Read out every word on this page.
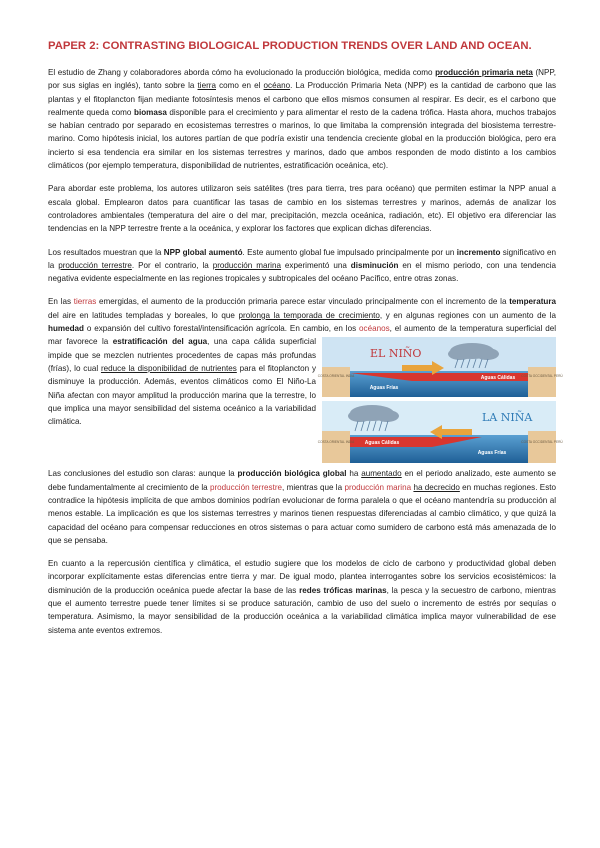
PAPER 2: CONTRASTING BIOLOGICAL PRODUCTION TRENDS OVER LAND AND OCEAN.

El estudio de Zhang y colaboradores aborda cómo ha evolucionado la producción biológica, medida como producción primaria neta (NPP, por sus siglas en inglés), tanto sobre la tierra como en el océano. La Producción Primaria Neta (NPP) es la cantidad de carbono que las plantas y el fitoplancton fijan mediante fotosíntesis menos el carbono que ellos mismos consumen al respirar. Es decir, es el carbono que realmente queda como biomasa disponible para el crecimiento y para alimentar el resto de la cadena trófica. Hasta ahora, muchos trabajos se habían centrado por separado en ecosistemas terrestres o marinos, lo que limitaba la comprensión integrada del biosistema terrestre-marino. Como hipótesis inicial, los autores partían de que podría existir una tendencia creciente global en la producción biológica, pero era incierto si esa tendencia era similar en los sistemas terrestres y marinos, dado que ambos responden de modo distinto a los cambios climáticos (por ejemplo temperatura, disponibilidad de nutrientes, estratificación oceánica, etc).

Para abordar este problema, los autores utilizaron seis satélites (tres para tierra, tres para océano) que permiten estimar la NPP anual a escala global. Emplearon datos para cuantificar las tasas de cambio en los sistemas terrestres y marinos, además de analizar los controladores ambientales (temperatura del aire o del mar, precipitación, mezcla oceánica, radiación, etc). El objetivo era diferenciar las tendencias en la NPP terrestre frente a la oceánica, y explorar los factores que explican dichas diferencias.

Los resultados muestran que la NPP global aumentó. Este aumento global fue impulsado principalmente por un incremento significativo en la producción terrestre. Por el contrario, la producción marina experimentó una disminución en el mismo periodo, con una tendencia negativa evidente especialmente en las regiones tropicales y subtropicales del océano Pacífico, entre otras zonas.

En las tierras emergidas, el aumento de la producción primaria parece estar vinculado principalmente con el incremento de la temperatura del aire en latitudes templadas y boreales, lo que prolonga la temporada de crecimiento, y en algunas regiones con un aumento de la humedad o expansión del cultivo forestal/intensificación agrícola. En cambio, en los océanos, el aumento de la temperatura superficial del mar favorece la
EL NIÑO
Aguas Cálidas
Aguas Frías
COSTA ORIENTAL INDIA	COSTA OCCIDENTAL PERÚ
LA NIÑA
Aguas Cálidas
Aguas Frías
COSTA ORIENTAL INDIA	COSTA OCCIDENTAL PERÚ
estratificación del agua, una capa cálida superficial impide que se mezclen nutrientes procedentes de capas más profundas (frías), lo cual reduce la disponibilidad de nutrientes para el fitoplancton y disminuye la producción. Además, eventos climáticos como El Niño-La Niña afectan con mayor amplitud la producción marina que la terrestre, lo que implica una mayor sensibilidad del sistema oceánico a la variabilidad climática.

Las conclusiones del estudio son claras: aunque la producción biológica global ha aumentado en el periodo analizado, este aumento se debe fundamentalmente al crecimiento de la producción terrestre, mientras que la producción marina ha decrecido en muchas regiones. Esto contradice la hipótesis implícita de que ambos dominios podrían evolucionar de forma paralela o que el océano mantendría su producción al menos estable. La implicación es que los sistemas terrestres y marinos tienen respuestas diferenciadas al cambio climático, y que quizá la capacidad del océano para compensar reducciones en otros sistemas o para actuar como sumidero de carbono está más amenazada de lo que se pensaba.

En cuanto a la repercusión científica y climática, el estudio sugiere que los modelos de ciclo de carbono y productividad global deben incorporar explícitamente estas diferencias entre tierra y mar. De igual modo, plantea interrogantes sobre los servicios ecosistémicos: la disminución de la producción oceánica puede afectar la base de las redes tróficas marinas, la pesca y la secuestro de carbono, mientras que el aumento terrestre puede tener límites si se produce saturación, cambio de uso del suelo o incremento de estrés por sequías o temperatura. Asimismo, la mayor sensibilidad de la producción oceánica a la variabilidad climática implica mayor vulnerabilidad de ese sistema ante eventos extremos.
